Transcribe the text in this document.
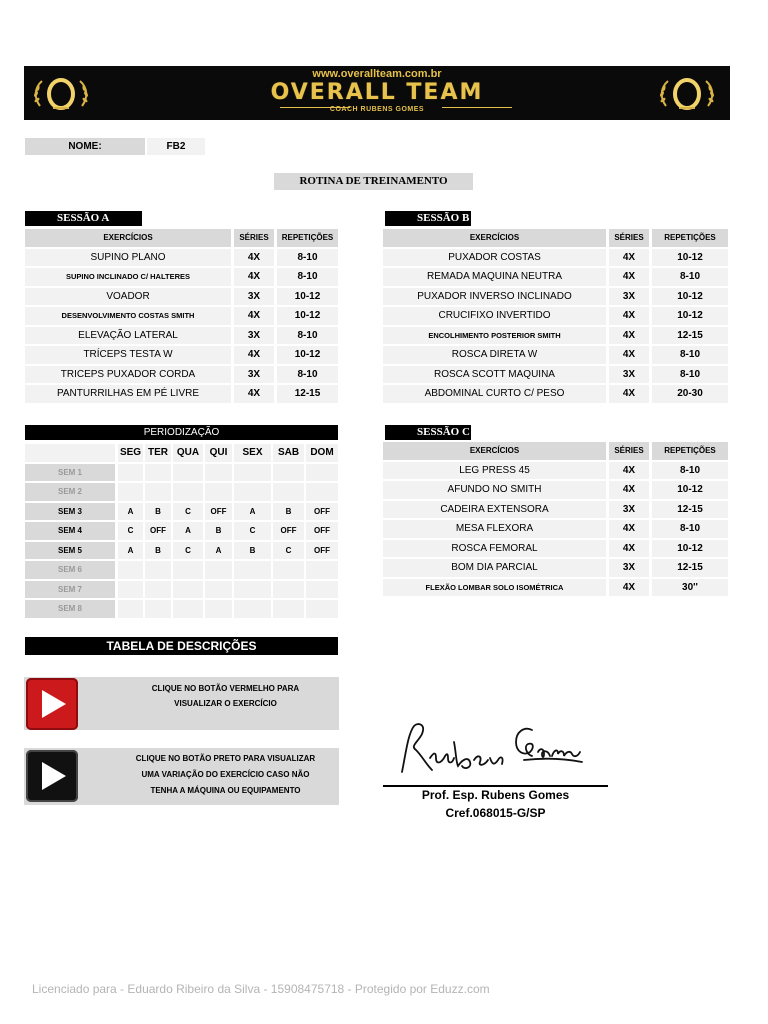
www.overallteam.com.br
OVERALL TEAM
COACH RUBENS GOMES
NOME:	FB2
ROTINA DE TREINAMENTO
SESSÃO A
EXERCÍCIOS	SÉRIES	REPETIÇÕES
SUPINO PLANO	4X	8-10
SUPINO INCLINADO C/ HALTERES	4X	8-10
VOADOR	3X	10-12
DESENVOLVIMENTO COSTAS SMITH	4X	10-12
ELEVAÇÃO LATERAL	3X	8-10
TRÍCEPS TESTA W	4X	10-12
TRICEPS PUXADOR CORDA	3X	8-10
PANTURRILHAS EM PÉ LIVRE	4X	12-15
SESSÃO B
EXERCÍCIOS	SÉRIES	REPETIÇÕES
PUXADOR COSTAS	4X	10-12
REMADA MAQUINA NEUTRA	4X	8-10
PUXADOR INVERSO INCLINADO	3X	10-12
CRUCIFIXO INVERTIDO	4X	10-12
ENCOLHIMENTO POSTERIOR SMITH	4X	12-15
ROSCA DIRETA W	4X	8-10
ROSCA SCOTT MAQUINA	3X	8-10
ABDOMINAL CURTO C/ PESO	4X	20-30
PERIODIZAÇÃO
SEG TER QUA	QUI	SEX	SAB	DOM
SEM 1
SEM 2
SEM 3	A	B	C	OFF	A	B	OFF
SEM 4	C	OFF	A	B	C	OFF	OFF
SEM 5	A	B	C	A	B	C	OFF
SEM 6
SEM 7
SEM 8
SESSÃO C
EXERCÍCIOS	SÉRIES	REPETIÇÕES
LEG PRESS 45	4X	8-10
AFUNDO NO SMITH	4X	10-12
CADEIRA EXTENSORA	3X	12-15
MESA FLEXORA	4X	8-10
ROSCA FEMORAL	4X	10-12
BOM DIA PARCIAL	3X	12-15
FLEXÃO LOMBAR SOLO ISOMÉTRICA	4X	30''
TABELA DE DESCRIÇÕES
CLIQUE NO BOTÃO VERMELHO PARA
VISUALIZAR O EXERCÍCIO
CLIQUE NO BOTÃO PRETO PARA VISUALIZAR
UMA VARIAÇÃO DO EXERCÍCIO CASO NÃO
TENHA A MÁQUINA OU EQUIPAMENTO	Prof. Esp. Rubens Gomes
Cref.068015-G/SP
Licenciado para - Eduardo Ribeiro da Silva - 15908475718 - Protegido por Eduzz.com
